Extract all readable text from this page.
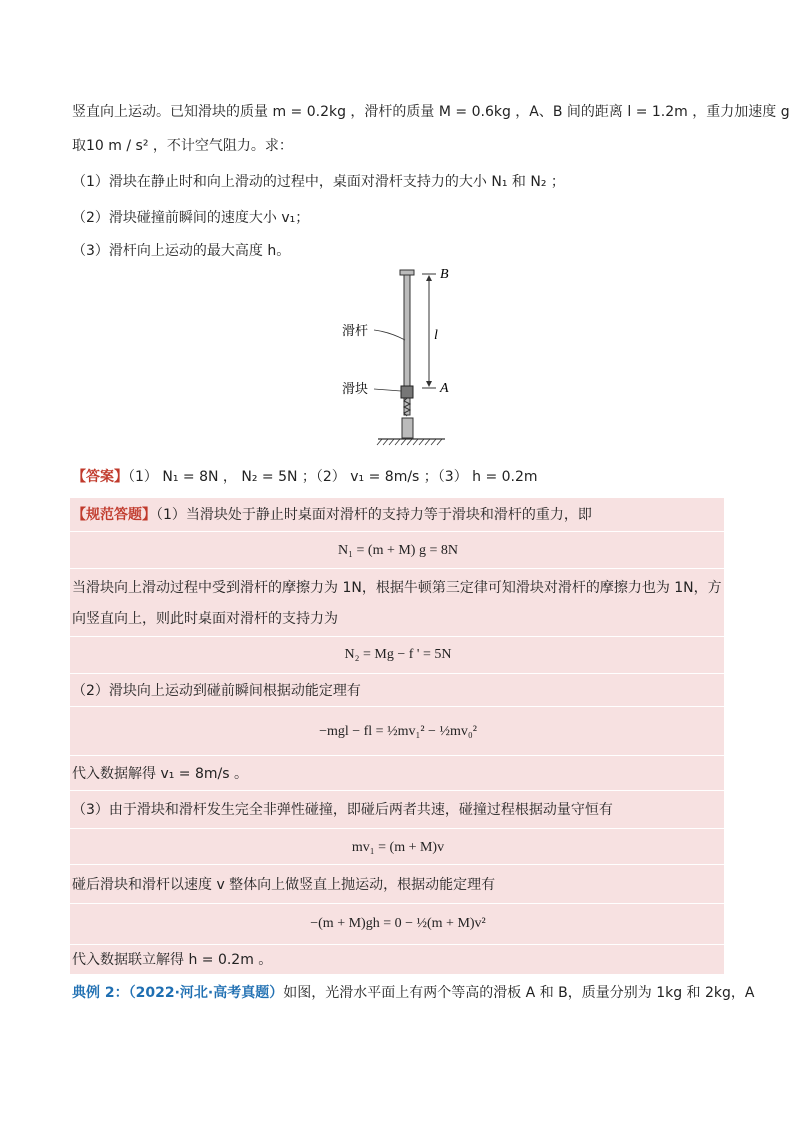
竖直向上运动。已知滑块的质量 m = 0.2kg ，滑杆的质量 M = 0.6kg ，A、B 间的距离 l = 1.2m ，重力加速度 g
取10 m / s² ，不计空气阻力。求：
（1）滑块在静止时和向上滑动的过程中，桌面对滑杆支持力的大小 N₁ 和 N₂ ；
（2）滑块碰撞前瞬间的速度大小 v₁；
（3）滑杆向上运动的最大高度 h。
B
A
l
滑杆
滑块
【答案】（1） N₁ = 8N ， N₂ = 5N ；（2） v₁ = 8m/s ；（3） h = 0.2m
【规范答题】（1）当滑块处于静止时桌面对滑杆的支持力等于滑块和滑杆的重力，即
N₁ = (m + M) g = 8N
当滑块向上滑动过程中受到滑杆的摩擦力为 1N，根据牛顿第三定律可知滑块对滑杆的摩擦力也为 1N，方
向竖直向上，则此时桌面对滑杆的支持力为
N₂ = Mg − f ' = 5N
（2）滑块向上运动到碰前瞬间根据动能定理有
−mgl − fl = ½mv₁² − ½mv₀²
代入数据解得 v₁ = 8m/s 。
（3）由于滑块和滑杆发生完全非弹性碰撞，即碰后两者共速，碰撞过程根据动量守恒有
mv₁ = (m + M)v
碰后滑块和滑杆以速度 v 整体向上做竖直上抛运动，根据动能定理有
−(m + M)gh = 0 − ½(m + M)v²
代入数据联立解得 h = 0.2m 。
典例 2：（2022·河北·高考真题）如图，光滑水平面上有两个等高的滑板 A 和 B，质量分别为 1kg 和 2kg，A
